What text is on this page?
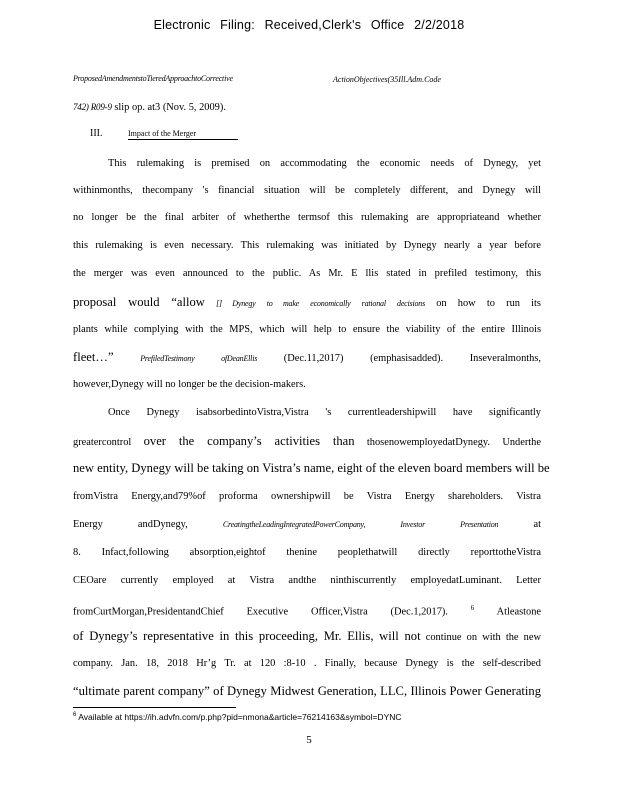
Electronic Filing: Received,Clerk's Office 2/2/2018
ProposedAmendmentstoTieredApproachtoCorrective	ActionObjectives(35Ill.Adm.Code
742) R09-9 slip op. at3 (Nov. 5, 2009).
III.	Impact of the Merger
This rulemaking is premised on accommodating the economic needs of Dynegy, yet
withinmonths, thecompany 's financial situation will be completely different, and Dynegy will
no longer be the final arbiter of whetherthe termsof this rulemaking are appropriateand whether
this rulemaking is even necessary. This rulemaking was initiated by Dynegy nearly a year before
the merger was even announced to the public. As Mr. E llis stated in prefiled testimony, this
proposal would “allow [] Dynegy to make economically rational decisions on how to run its
plants while complying with the MPS, which will help to ensure the viability of the entire Illinois
fleet…”	PrefiledTestimony	ofDeanEllis	(Dec.11,2017) (emphasisadded). Inseveralmonths,
however,Dynegy will no longer be the decision-makers.
Once Dynegy isabsorbedintoVistra,Vistra 's currentleadershipwill have significantly
greatercontrol over the company’s activities than thosenowemployedatDynegy. Underthe
new entity, Dynegy will be taking on Vistra’s name, eight of the eleven board members will be
fromVistra Energy,and79%of proforma ownershipwill be Vistra Energy shareholders. Vistra
Energy andDynegy,	CreatingtheLeadingIntegratedPowerCompany,	Investor	Presentation	at
8. Infact,following absorption,eightof thenine peoplethatwill directly reporttotheVistra
CEOare currently employed at Vistra andthe ninthiscurrently employedatLuminant. Letter
fromCurtMorgan,PresidentandChief Executive Officer,Vistra (Dec.1,2017).	$^6$ Atleastone
of Dynegy’s representative in this proceeding, Mr. Ellis, will not continue on with the new
company. Jan. 18, 2018 Hr’g Tr. at 120 :8-10 . Finally, because Dynegy is the self-described
“ultimate parent company” of Dynegy Midwest Generation, LLC, Illinois Power Generating
$^6$ Available at https://ih.advfn.com/p.php?pid=nmona&article=76214163&symbol=DYNC
5
